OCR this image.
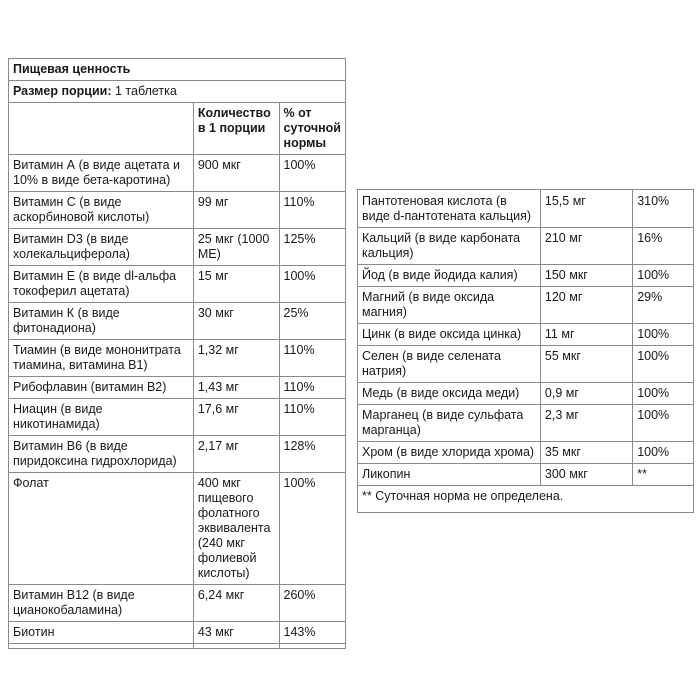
Пищевая ценность		
Размер порции: 1 таблетка		
	Количество в 1 порции	% от суточной нормы
Витамин А (в виде ацетата и 10% в виде бета-каротина)	900 мкг	100%
Витамин С (в виде аскорбиновой кислоты)	99 мг	110%
Витамин D3 (в виде холекальциферола)	25 мкг (1000 МЕ)	125%
Витамин Е (в виде dl-альфа токоферил ацетата)	15 мг	100%
Витамин К (в виде фитонадиона)	30 мкг	25%
Тиамин (в виде мононитрата тиамина, витамина В1)	1,32 мг	110%
Рибофлавин (витамин В2)	1,43 мг	110%
Ниацин (в виде никотинамида)	17,6 мг	110%
Витамин В6 (в виде пиридоксина гидрохлорида)	2,17 мг	128%
Фолат	400 мкг пищевого фолатного эквивалента (240 мкг фолиевой кислоты)	100%
Витамин В12 (в виде цианокобаламина)	6,24 мкг	260%
Биотин	43 мкг	143%

Пантотеновая кислота (в виде d-пантотената кальция)	15,5 мг	310%
Кальций (в виде карбоната кальция)	210 мг	16%
Йод (в виде йодида калия)	150 мкг	100%
Магний (в виде оксида магния)	120 мг	29%
Цинк (в виде оксида цинка)	11 мг	100%
Селен (в виде селената натрия)	55 мкг	100%
Медь (в виде оксида меди)	0,9 мг	100%
Марганец (в виде сульфата марганца)	2,3 мг	100%
Хром (в виде хлорида хрома)	35 мкг	100%
Ликопин	300 мкг	**
** Суточная норма не определена.		
